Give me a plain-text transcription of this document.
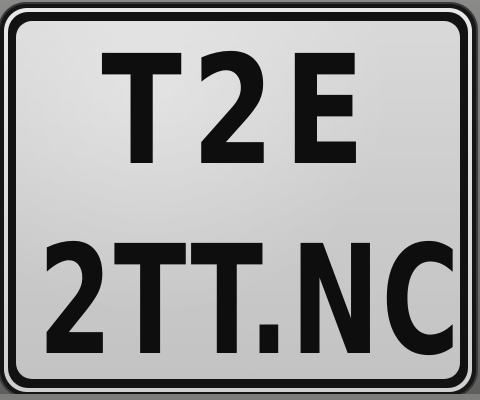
T2E
2TT.NC
